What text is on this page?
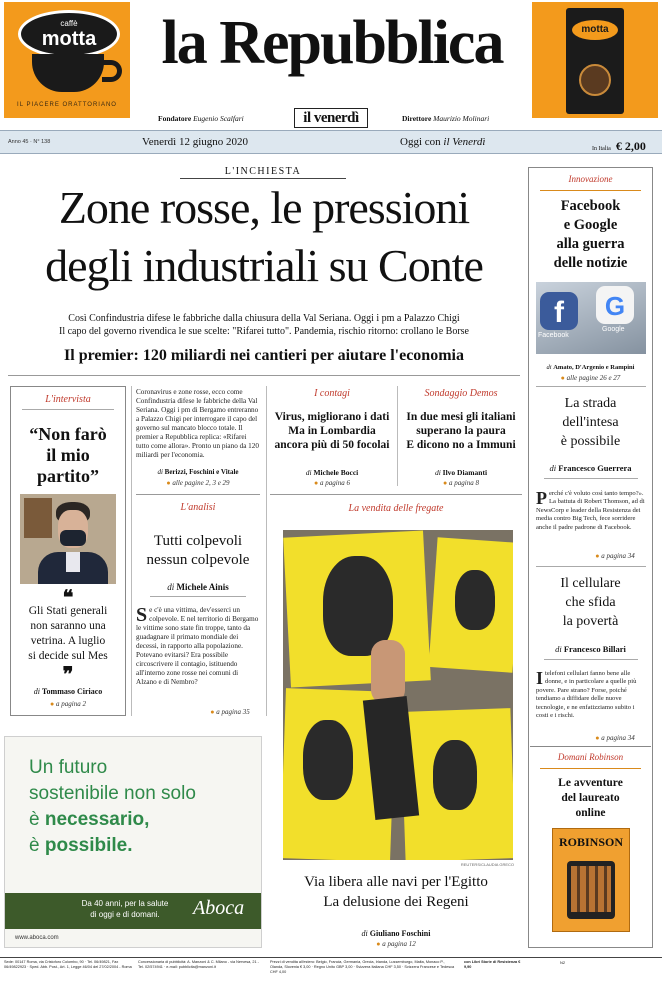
caffè
motta
IL PIACERE ORATTORIANO
la Repubblica
Fondatore Eugenio Scalfari	il venerdì	Direttore Maurizio Molinari
motta
Anno 45 · N° 138	Venerdì 12 giugno 2020	Oggi con il Venerdì
In Italia € 2,00
L'INCHIESTA
Zone rosse, le pressioni
degli industriali su Conte
Così Confindustria difese le fabbriche dalla chiusura della Val Seriana. Oggi i pm a Palazzo Chigi
Il capo del governo rivendica le sue scelte: "Rifarei tutto". Pandemia, rischio ritorno: crollano le Borse
Il premier: 120 miliardi nei cantieri per aiutare l'economia
L'intervista
“Non farò
il mio
partito”
❝
Gli Stati generali
non saranno una
vetrina. A luglio
si decide sul Mes
❞
di Tommaso Ciriaco
● a pagina 2
Coronavirus e zone rosse, ecco come Confindustria difese le fabbriche della Val Seriana. Oggi i pm di Bergamo entreranno a Palazzo Chigi per interrogare il capo del governo sul mancato blocco totale. Il premier a Repubblica replica: «Rifarei tutto come allora». Pronto un piano da 120 miliardi per l'economia.
di Berizzi, Foschini e Vitale
● alle pagine 2, 3 e 29
L'analisi
Tutti colpevoli
nessun colpevole
di Michele Ainis
S e c'è una vittima, dev'esserci un colpevole. E nel territorio di Bergamo le vittime sono state fin troppe, tanto da guadagnare il primato mondiale dei decessi, in rapporto alla popolazione. Potevano evitarsi? Era possibile circoscrivere il contagio, istituendo all'interno zone rosse nei comuni di Alzano e di Nembro?
● a pagina 35
I contagi
Virus, migliorano i dati
Ma in Lombardia
ancora più di 50 focolai
di Michele Bocci
● a pagina 6
Sondaggio Demos
In due mesi gli italiani
superano la paura
E dicono no a Immuni
di Ilvo Diamanti
● a pagina 8
La vendita delle fregate
REUTERS/CLAUDIA GRECO
Via libera alle navi per l'Egitto
La delusione dei Regeni
di Giuliano Foschini
● a pagina 12
Un futuro
sostenibile non solo
è necessario,
è possibile.
Da 40 anni, per la salute
di oggi e di domani.	Aboca
www.aboca.com
Innovazione
Facebook
e Google
alla guerra
delle notizie
f	G
Facebook
Google
di Amato, D'Argenio e Rampini
● alle pagine 26 e 27
La strada
dell'intesa
è possibile
di Francesco Guerrera
P erché c'è voluto così tanto tempo?». La battuta di Robert Thomson, ad di NewsCorp e leader della Resistenza dei media contro Big Tech, fece sorridere anche il padre padrone di Facebook.
● a pagina 34
Il cellulare
che sfida
la povertà
di Francesco Billari
I telefoni cellulari fanno bene alle donne, e in particolare a quelle più povere. Pare strano? Forse, poiché tendiamo a diffidare delle nuove tecnologie, e ne enfatizziamo subito i costi e i rischi.
● a pagina 34
Domani Robinson
Le avventure
del laureato
online
ROBINSON
Sede: 00147 Roma, via Cristoforo Colombo, 90 · Tel. 06/49821, Fax 06/49822923 · Sped. Abb. Post., Art. 1, Legge 46/04 del 27/02/2004 - Roma
Concessionaria di pubblicità: A. Manzoni & C. Milano - via Nervesa, 21 - Tel. 02/574941 · e-mail: pubblicita@manzoni.it
Prezzi di vendita all'estero: Belgio, Francia, Germania, Grecia, Irlanda, Lussemburgo, Malta, Monaco P., Olanda, Slovenia € 3,00 · Regno Unito GBP 3,00 · Svizzera Italiana CHF 3,50 · Svizzera Francese e Tedesca CHF 4,00
con Libri Storie di Resistenza € 9,90
N2
